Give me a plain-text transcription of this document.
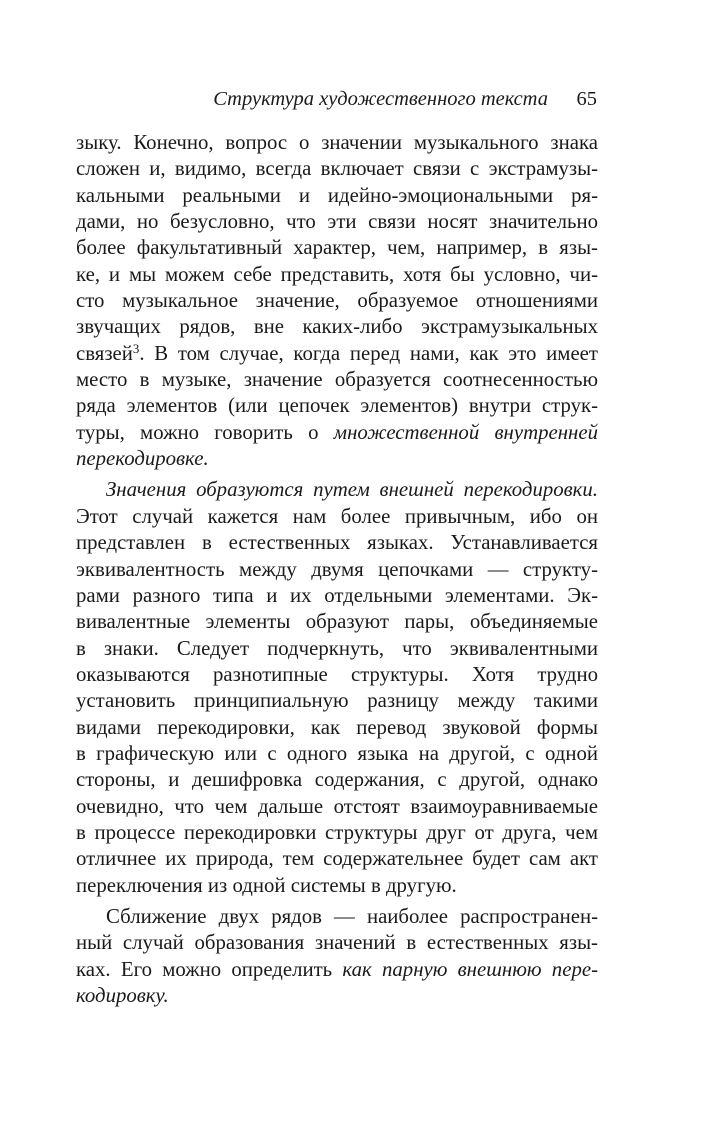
Структура художественного текста 65
зыку. Конечно, вопрос о значении музыкального знака
сложен и, видимо, всегда включает связи с экстрамузы-
кальными реальными и идейно-эмоциональными ря-
дами, но безусловно, что эти связи носят значительно
более факультативный характер, чем, например, в язы-
ке, и мы можем себе представить, хотя бы условно, чи-
сто музыкальное значение, образуемое отношениями
звучащих рядов, вне каких-либо экстрамузыкальных
связей$^3$. В том случае, когда перед нами, как это имеет
место в музыке, значение образуется соотнесенностью
ряда элементов (или цепочек элементов) внутри струк-
туры, можно говорить о множественной внутренней
перекодировке.
Значения образуются путем внешней перекодировки.
Этот случай кажется нам более привычным, ибо он
представлен в естественных языках. Устанавливается
эквивалентность между двумя цепочками — структу-
рами разного типа и их отдельными элементами. Эк-
вивалентные элементы образуют пары, объединяемые
в знаки. Следует подчеркнуть, что эквивалентными
оказываются разнотипные структуры. Хотя трудно
установить принципиальную разницу между такими
видами перекодировки, как перевод звуковой формы
в графическую или с одного языка на другой, с одной
стороны, и дешифровка содержания, с другой, однако
очевидно, что чем дальше отстоят взаимоуравниваемые
в процессе перекодировки структуры друг от друга, чем
отличнее их природа, тем содержательнее будет сам акт
переключения из одной системы в другую.
Сближение двух рядов — наиболее распространен-
ный случай образования значений в естественных язы-
ках. Его можно определить как парную внешнюю пере-
кодировку.
